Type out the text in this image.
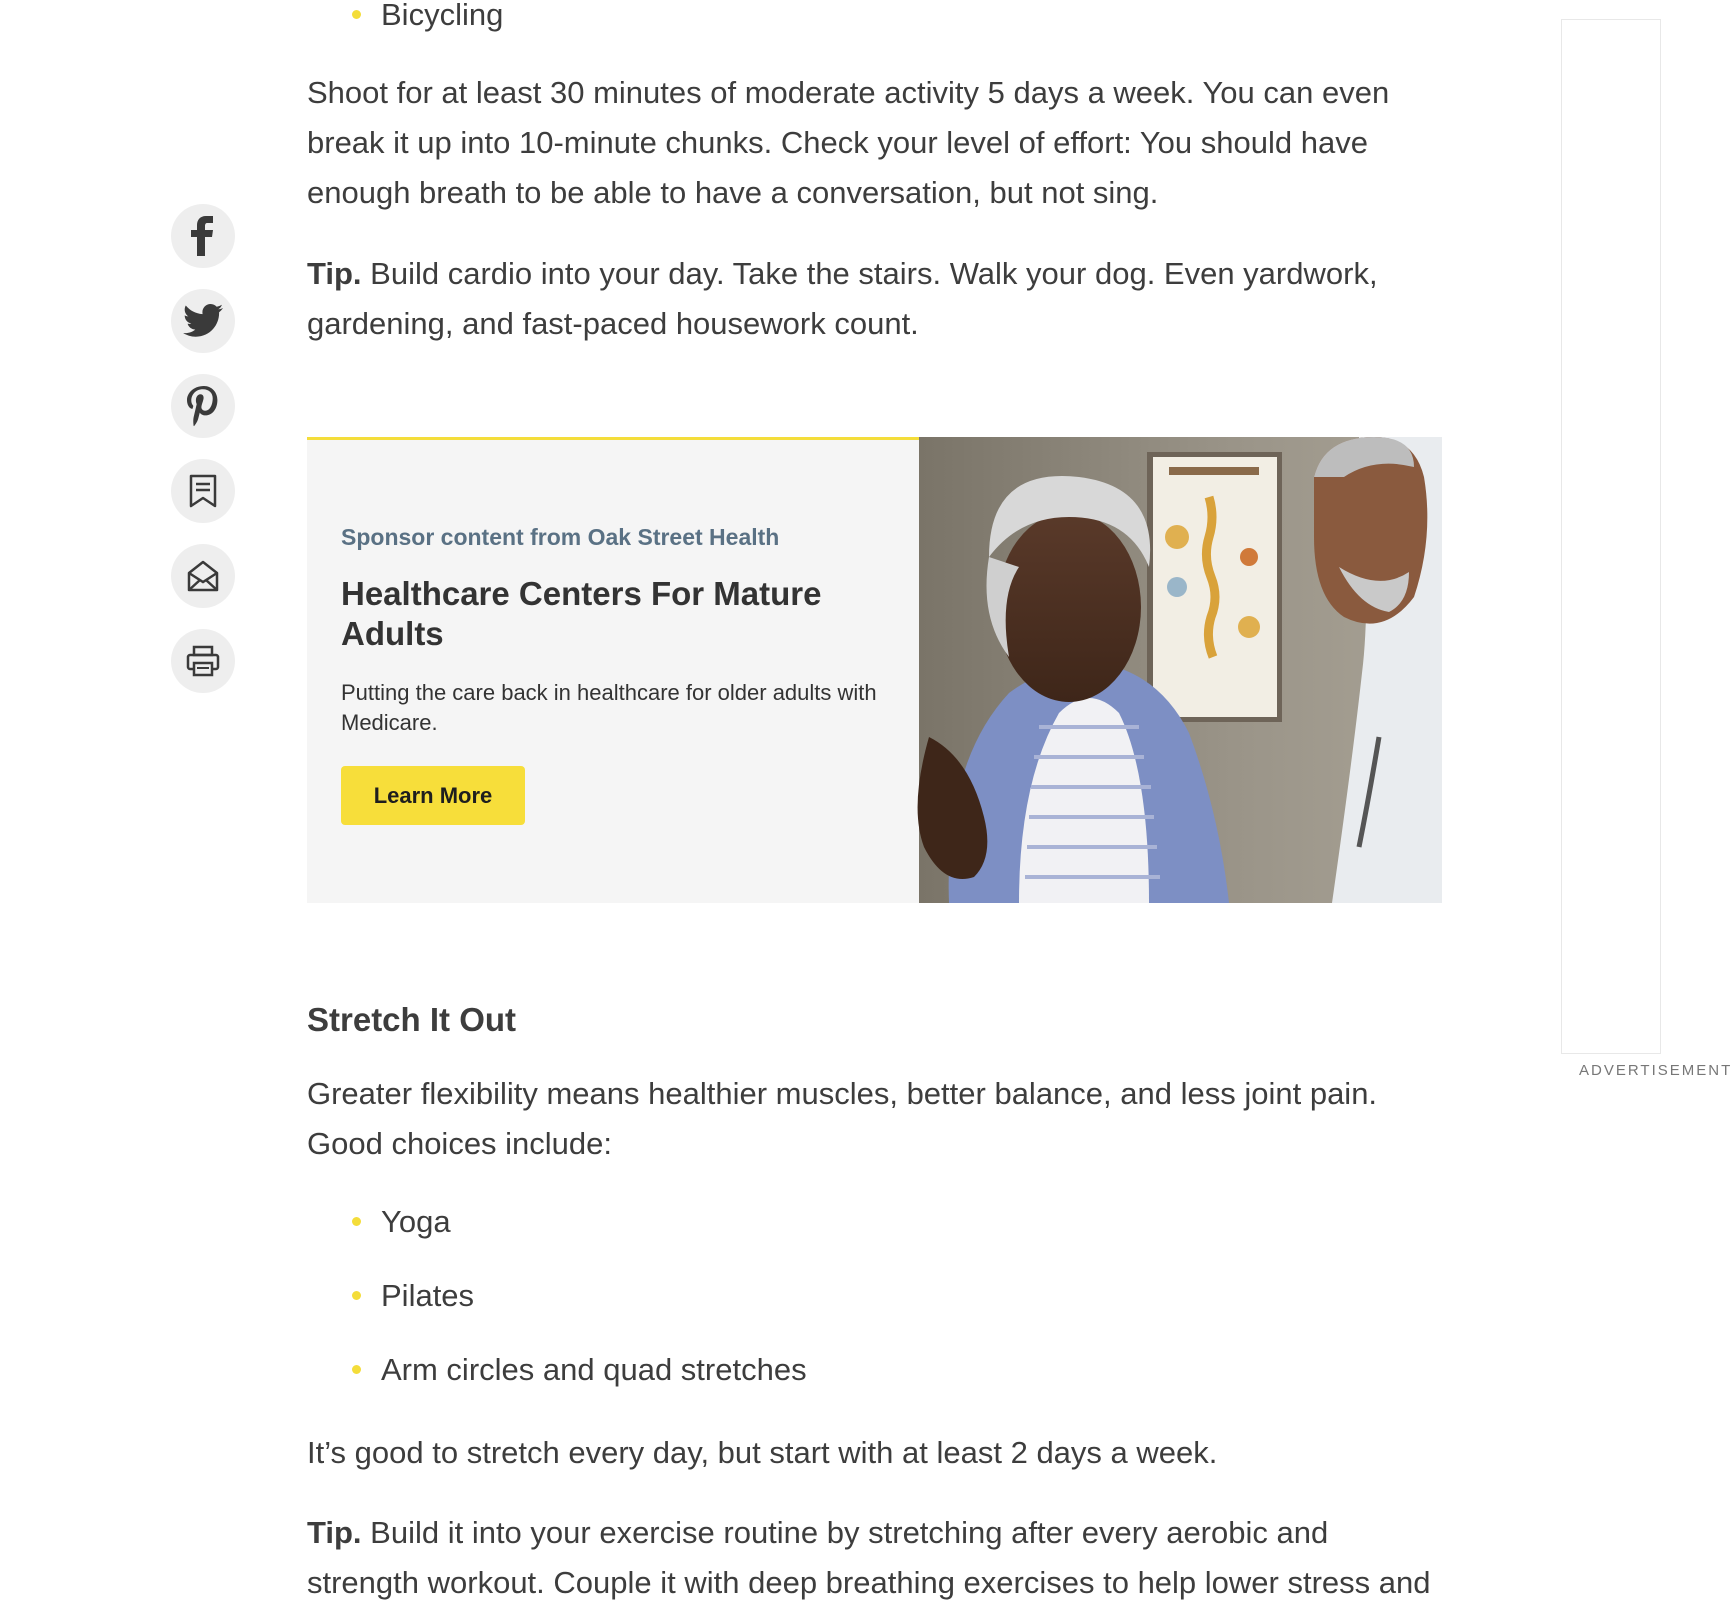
Bicycling

Shoot for at least 30 minutes of moderate activity 5 days a week. You can even break it up into 10-minute chunks. Check your level of effort: You should have enough breath to be able to have a conversation, but not sing.

Tip. Build cardio into your day. Take the stairs. Walk your dog. Even yardwork, gardening, and fast-paced housework count.

Stretch It Out

Greater flexibility means healthier muscles, better balance, and less joint pain. Good choices include:

Yoga
Pilates
Arm circles and quad stretches

It’s good to stretch every day, but start with at least 2 days a week.

Tip. Build it into your exercise routine by stretching after every aerobic and strength workout. Couple it with deep breathing exercises to help lower stress and

Sponsor content from Oak Street Health

Healthcare Centers For Mature Adults

Putting the care back in healthcare for older adults with Medicare.

Learn More
ADVERTISEMENT
